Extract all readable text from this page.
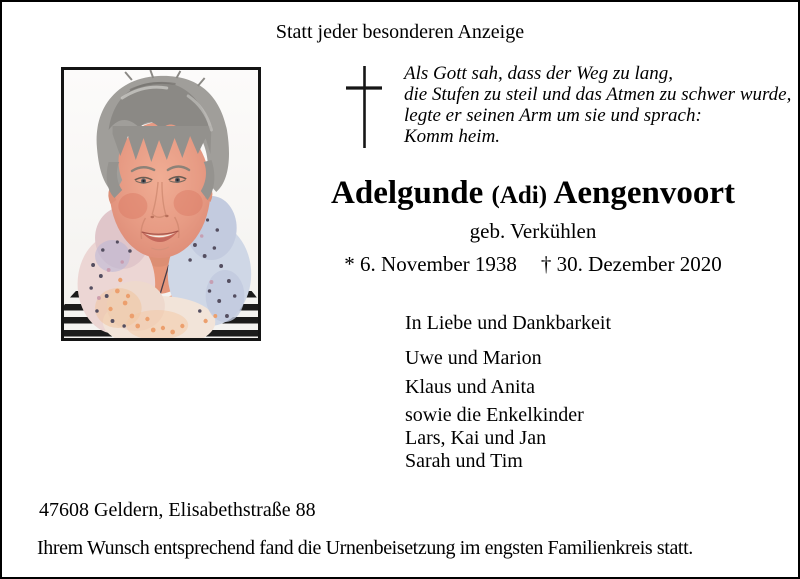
Statt jeder besonderen Anzeige
Als Gott sah, dass der Weg zu lang,
die Stufen zu steil und das Atmen zu schwer wurde,
legte er seinen Arm um sie und sprach:
Komm heim.
Adelgunde (Adi) Aengenvoort
geb. Verkühlen
* 6. November 1938 † 30. Dezember 2020
In Liebe und Dankbarkeit
Uwe und Marion
Klaus und Anita
sowie die Enkelkinder
Lars, Kai und Jan
Sarah und Tim
47608 Geldern, Elisabethstraße 88
Ihrem Wunsch entsprechend fand die Urnenbeisetzung im engsten Familienkreis statt.
